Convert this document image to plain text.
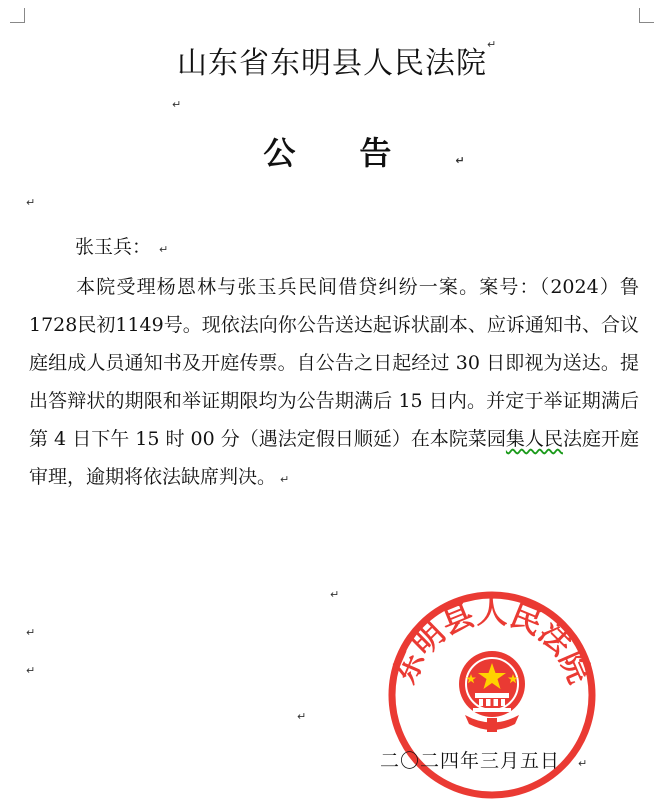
山东省东明县人民法院
↵
↵
公告↵
↵
张玉兵： ↵
本院受理杨恩林与张玉兵民间借贷纠纷一案。案号：（2024）鲁1728民初1149号。现依法向你公告送达起诉状副本、应诉通知书、合议庭组成人员通知书及开庭传票。自公告之日起经过 30 日即视为送达。提出答辩状的期限和举证期限均为公告期满后 15 日内。并定于举证期满后第 4 日下午 15 时 00 分（遇法定假日顺延）在本院菜园集人民法庭开庭审理，逾期将依法缺席判决。 ↵
↵
↵
↵
↵
东明县人民法院
二〇二四年三月五日 ↵
